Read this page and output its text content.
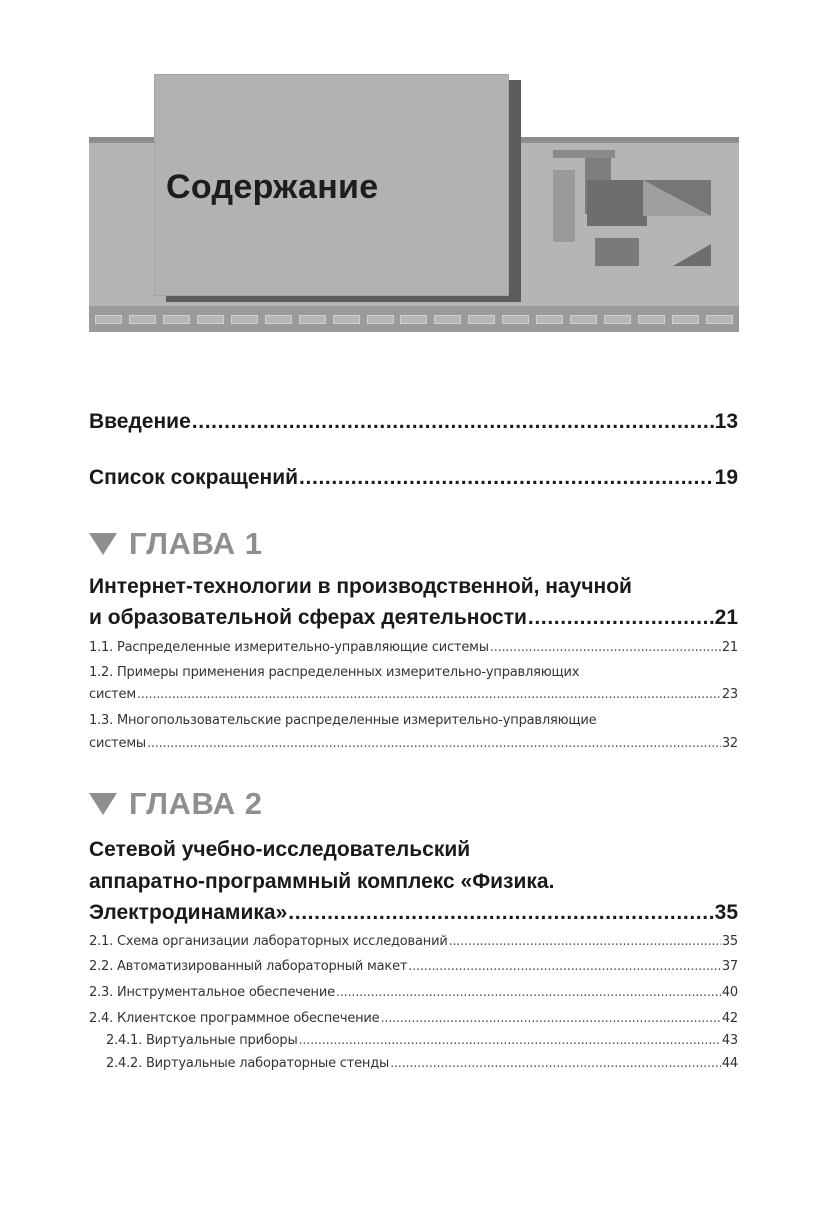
Содержание
Введение . . .	13
Список сокращений . . .	19
ГЛАВА 1
Интернет-технологии в производственной, научной
и образовательной сферах деятельности . . .	21
1.1. Распределенные измерительно-управляющие системы . . .	21
1.2. Примеры применения распределенных измерительно-управляющих
систем . . .	23
1.3. Многопользовательские распределенные измерительно-управляющие
системы . . .	32
ГЛАВА 2
Сетевой учебно-исследовательский
аппаратно-программный комплекс «Физика.
Электродинамика» . . .	35
2.1. Схема организации лабораторных исследований . . .	35
2.2. Автоматизированный лабораторный макет . . .	37
2.3. Инструментальное обеспечение . . .	40
2.4. Клиентское программное обеспечение . . .	42
2.4.1. Виртуальные приборы . . .	43
2.4.2. Виртуальные лабораторные стенды . . .	44
